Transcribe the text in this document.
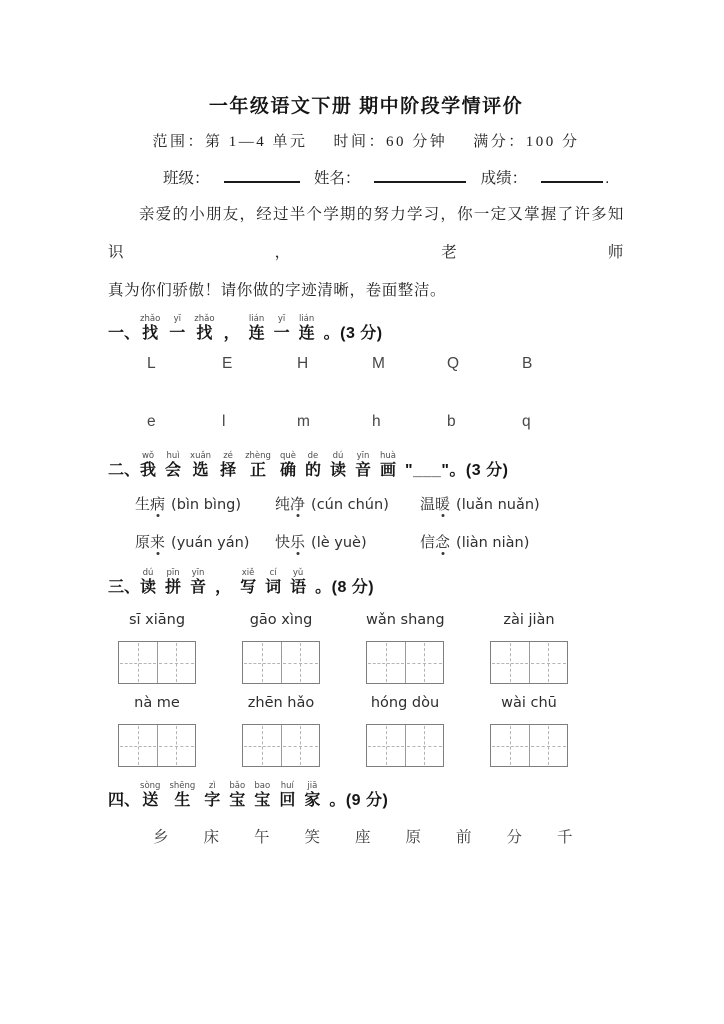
一年级语文下册 期中阶段学情评价
范围：第 1—4 单元 时间：60 分钟 满分：100 分
班级：	姓名：	成绩：	.
亲爱的小朋友，经过半个学期的努力学习，你一定又掌握了许多知识，老师
真为你们骄傲！请你做的字迹清晰，卷面整洁。
一、
zhǎo
找
yī
一
zhǎo
找 ，
lián
连
yī
一
lián
连 。(3 分)
L	E	H	M	Q	B
e	l	m	h	b	q
二、
wǒ
我
huì
会
xuǎn
选
zé
择
zhèng
正
què
确
de
的
dú
读
yīn
音
huà
画 "___"。(3 分)
生病 (bìn bìng)	纯净 (cún chún)	温暖 (luǎn nuǎn)
原来 (yuán yán)	快乐 (lè yuè)	信念 (liàn niàn)
三、
dú
读
pīn
拼
yīn
音 ，
xiě
写
cí
词
yǔ
语 。(8 分)
sī xiāng	gāo xìng	wǎn shang	zài jiàn
nà me	zhēn hǎo	hóng dòu	wài chū
四、
sòng
送
shēng
生
zì
字
bǎo
宝
bao
宝
huí
回
jiā
家 。(9 分)
乡	床	午	笑	座	原	前	分	千
